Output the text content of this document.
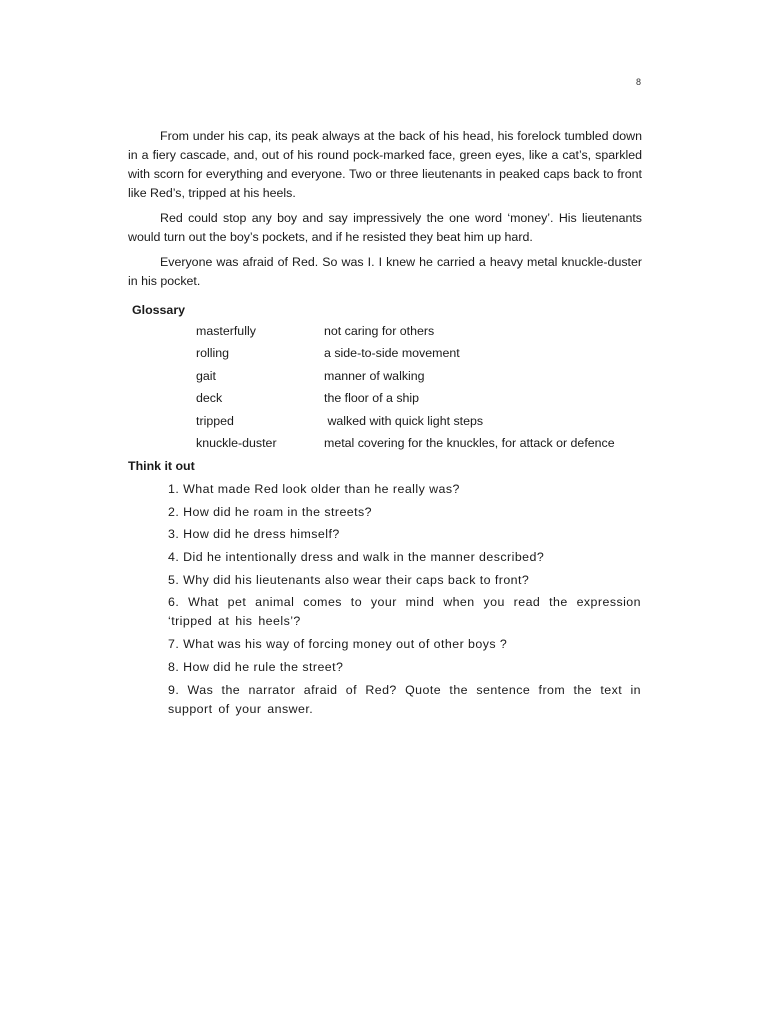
8

From under his cap, its peak always at the back of his head, his forelock tumbled down in a fiery cascade, and, out of his round pock-marked face, green eyes, like a cat’s, sparkled with scorn for everything and everyone. Two or three lieutenants in peaked caps back to front like Red’s, tripped at his heels.

Red could stop any boy and say impressively the one word ‘money’. His lieutenants would turn out the boy’s pockets, and if he resisted they beat him up hard.

Everyone was afraid of Red. So was I. I knew he carried a heavy metal knuckle-duster in his pocket.

Glossary
masterfully	not caring for others
rolling	a side-to-side movement
gait	manner of walking
deck	the floor of a ship
tripped	walked with quick light steps
knuckle-duster	metal covering for the knuckles, for attack or defence
Think it out
1. What made Red look older than he really was?
2. How did he roam in the streets?
3. How did he dress himself?
4. Did he intentionally dress and walk in the manner described?
5. Why did his lieutenants also wear their caps back to front?
6. What pet animal comes to your mind when you read the expression ‘tripped at his heels’?
7. What was his way of forcing money out of other boys ?
8. How did he rule the street?
9. Was the narrator afraid of Red? Quote the sentence from the text in support of your answer.
